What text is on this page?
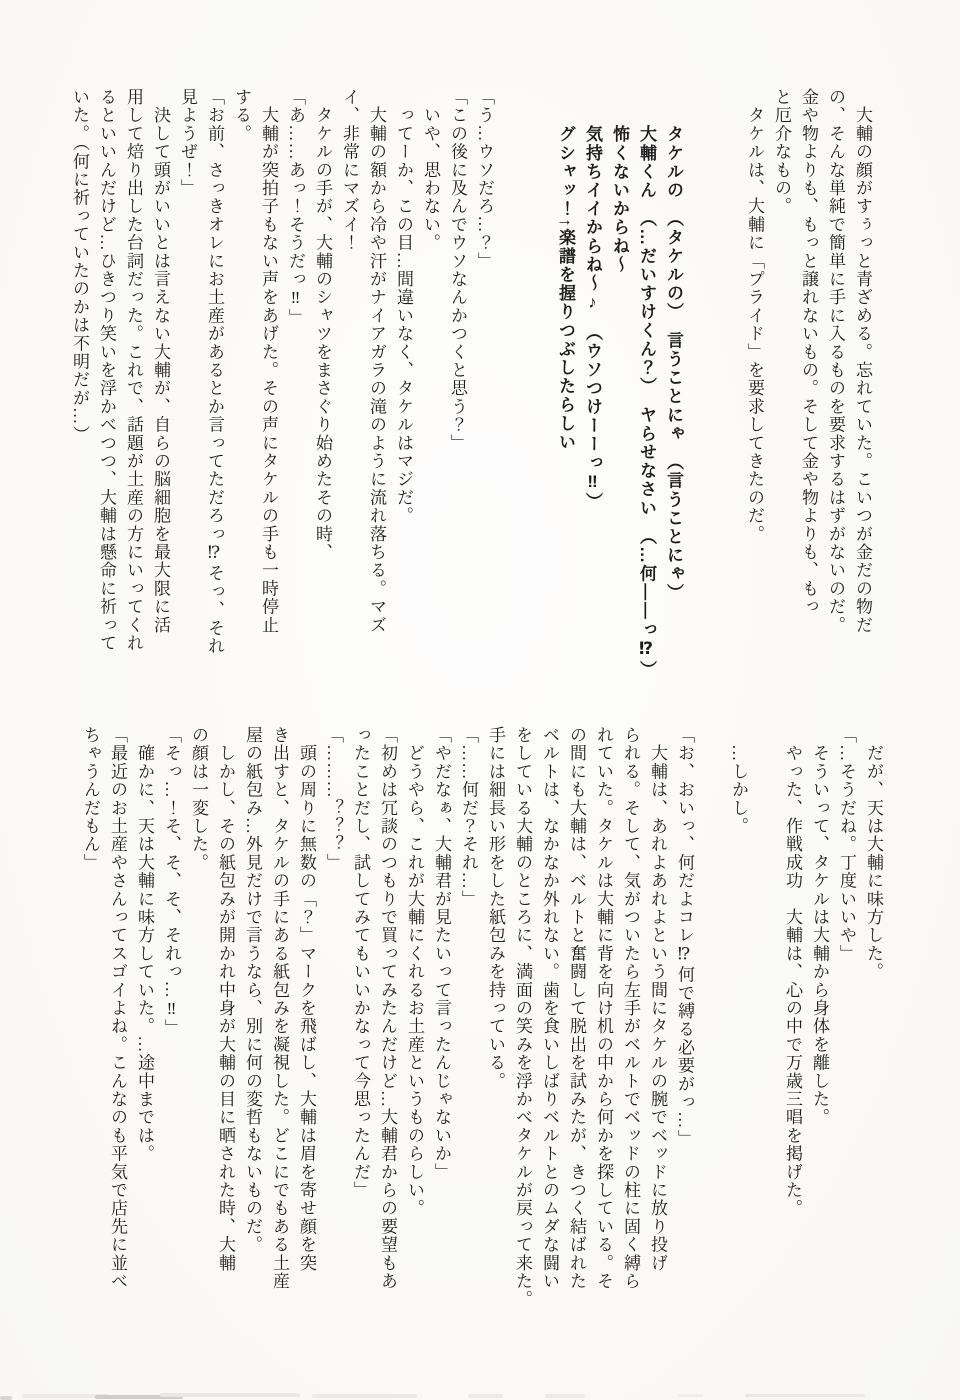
　大輔の顔がすぅっと青ざめる。忘れていた。こいつが金だの物だ
の、そんな単純で簡単に手に入るものを要求するはずがないのだ。
金や物よりも、もっと譲れないもの。そして金や物よりも、もっ
と厄介なもの。
　タケルは、大輔に「プライド」を要求してきたのだ。
　　タケルの　（タケルの）　言うことにゃ　（言うことにゃ）
　　大輔くん　（…だいすけくん？）　ヤらせなさい　（…何――っ⁉）
　　怖くないからね〜
　　気持ちイイからね〜♪　（ウソつけーーっ‼）
　　グシャッ！↑楽譜を握りつぶしたらしい
「う…ウソだろ…？」
「この後に及んでウソなんかつくと思う？」
　いや、思わない。
　ってーか、この目…間違いなく、タケルはマジだ。
　大輔の額から冷や汗がナイアガラの滝のように流れ落ちる。マズ
イ、非常にマズイ！
　タケルの手が、大輔のシャツをまさぐり始めたその時、
「あ……あっ！そうだっ‼」
　大輔が突拍子もない声をあげた。その声にタケルの手も一時停止
する。
「お前、さっきオレにお土産があるとか言ってただろっ⁉そっ、それ
見ようぜ！」
　決して頭がいいとは言えない大輔が、自らの脳細胞を最大限に活
用して焙り出した台詞だった。これで、話題が土産の方にいってくれ
るといいんだけど…ひきつり笑いを浮かべつつ、大輔は懸命に祈って
いた。（何に祈っていたのかは不明だが…）
　だが、天は大輔に味方した。
「…そうだね。丁度いいや」
　そういって、タケルは大輔から身体を離した。
　やった、作戦成功　大輔は、心の中で万歳三唱を掲げた。
　…しかし。
「お、おいっ、何だよコレ⁉何で縛る必要がっ…」
　大輔は、あれよあれよという間にタケルの腕でベッドに放り投げ
られる。そして、気がついたら左手がベルトでベッドの柱に固く縛ら
れていた。タケルは大輔に背を向け机の中から何かを探している。そ
の間にも大輔は、ベルトと奮闘して脱出を試みたが、きつく結ばれた
ベルトは、なかなか外れない。歯を食いしばりベルトとのムダな闘い
をしている大輔のところに、満面の笑みを浮かべタケルが戻って来た。
手には細長い形をした紙包みを持っている。
「……何だ？それ…」
「やだなぁ、大輔君が見たいって言ったんじゃないか」
　どうやら、これが大輔にくれるお土産というものらしい。
「初めは冗談のつもりで買ってみたんだけど…大輔君からの要望もあ
ったことだし、試してみてもいいかなって今思ったんだ」
「………？？？」
　頭の周りに無数の「？」マークを飛ばし、大輔は眉を寄せ顔を突
き出すと、タケルの手にある紙包みを凝視した。どこにでもある土産
屋の紙包み…外見だけで言うなら、別に何の変哲もないものだ。
　しかし、その紙包みが開かれ中身が大輔の目に晒された時、大輔
の顔は一変した。
「そっ…！そ、そ、そ、それっ…‼」
　確かに、天は大輔に味方していた。…途中までは。
「最近のお土産やさんってスゴイよね。こんなのも平気で店先に並べ
ちゃうんだもん」
